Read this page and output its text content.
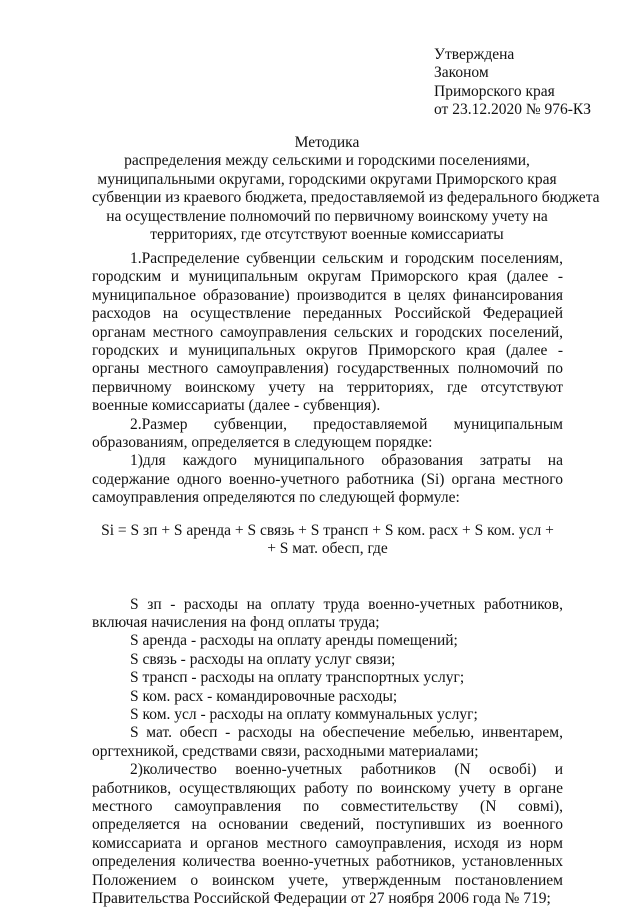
Утверждена
Законом
Приморского края
от 23.12.2020 № 976-КЗ
Методика
распределения между сельскими и городскими поселениями,
муниципальными округами, городскими округами Приморского края
субвенции из краевого бюджета, предоставляемой из федерального бюджета
на осуществление полномочий по первичному воинскому учету на
территориях, где отсутствуют военные комиссариаты
1.Распределение субвенции сельским и городским поселениям, городским и муниципальным округам Приморского края (далее - муниципальное образование) производится в целях финансирования расходов на осуществление переданных Российской Федерацией органам местного самоуправления сельских и городских поселений, городских и муниципальных округов Приморского края (далее - органы местного самоуправления) государственных полномочий по первичному воинскому учету на территориях, где отсутствуют военные комиссариаты (далее - субвенция).
2.Размер субвенции, предоставляемой муниципальным образованиям, определяется в следующем порядке:
1)для каждого муниципального образования затраты на содержание одного военно-учетного работника (Si) органа местного самоуправления определяются по следующей формуле:
Si = S зп + S аренда + S связь + S трансп + S ком. расх + S ком. усл +
+ S мат. обесп, где
S зп - расходы на оплату труда военно-учетных работников, включая начисления на фонд оплаты труда;
S аренда - расходы на оплату аренды помещений;
S связь - расходы на оплату услуг связи;
S трансп - расходы на оплату транспортных услуг;
S ком. расх - командировочные расходы;
S ком. усл - расходы на оплату коммунальных услуг;
S мат. обесп - расходы на обеспечение мебелью, инвентарем, оргтехникой, средствами связи, расходными материалами;
2)количество военно-учетных работников (N освобi) и работников, осуществляющих работу по воинскому учету в органе местного самоуправления по совместительству (N совмi), определяется на основании сведений, поступивших из военного комиссариата и органов местного самоуправления, исходя из норм определения количества военно-учетных работников, установленных Положением о воинском учете, утвержденным постановлением Правительства Российской Федерации от 27 ноября 2006 года № 719;
